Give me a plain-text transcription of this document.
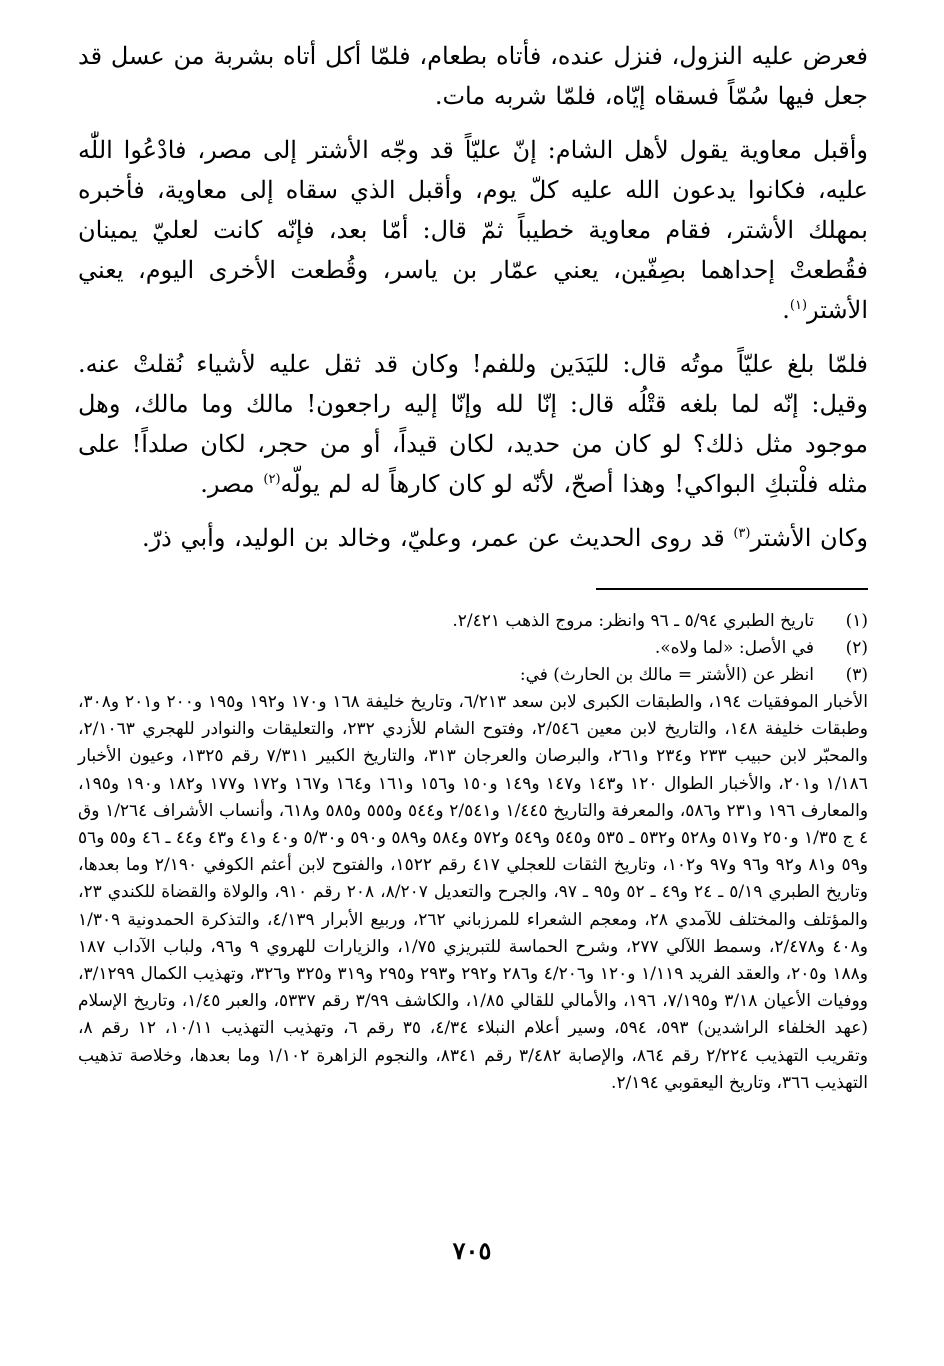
فعرض عليه النزول، فنزل عنده، فأتاه بطعام، فلمّا أكل أتاه بشربة من عسل قد جعل فيها سُمّاً فسقاه إيّاه، فلمّا شربه مات.

وأقبل معاوية يقول لأهل الشام: إنّ عليّاً قد وجّه الأشتر إلى مصر، فادْعُوا اللّٰه عليه، فكانوا يدعون الله عليه كلّ يوم، وأقبل الذي سقاه إلى معاوية، فأخبره بمهلك الأشتر، فقام معاوية خطيباً ثمّ قال: أمّا بعد، فإنّه كانت لعليّ يمينان فقُطعتْ إحداهما بصِفّين، يعني عمّار بن ياسر، وقُطعت الأخرى اليوم، يعني الأشتر$^{(١)}$.

فلمّا بلغ عليّاً موتُه قال: لليَدَين وللفم! وكان قد ثقل عليه لأشياء نُقلتْ عنه. وقيل: إنّه لما بلغه قتْلُه قال: إنّا لله وإنّا إليه راجعون! مالك وما مالك، وهل موجود مثل ذلك؟ لو كان من حديد، لكان قيداً، أو من حجر، لكان صلداً! على مثله فلْتبكِ البواكي! وهذا أصحّ، لأنّه لو كان كارهاً له لم يولّه$^{(٢)}$ مصر.

وكان الأشتر$^{(٣)}$ قد روى الحديث عن عمر، وعليّ، وخالد بن الوليد، وأبي ذرّ.

(١)
تاريخ الطبري ٥/٩٤ ـ ٩٦ وانظر: مروج الذهب ٢/٤٢١.
(٢)
في الأصل: «لما ولاه».
(٣)
انظر عن (الأشتر = مالك بن الحارث) في:

الأخبار الموفقيات ١٩٤، والطبقات الكبرى لابن سعد ٦/٢١٣، وتاريخ خليفة ١٦٨ و١٧٠ و١٩٢ و١٩٥ و٢٠٠ و٢٠١ و٣٠٨، وطبقات خليفة ١٤٨، والتاريخ لابن معين ٢/٥٤٦، وفتوح الشام للأزدي ٢٣٢، والتعليقات والنوادر للهجري ٢/١٠٦٣، والمحبّر لابن حبيب ٢٣٣ و٢٣٤ و٢٦١، والبرصان والعرجان ٣١٣، والتاريخ الكبير ٧/٣١١ رقم ١٣٢٥، وعيون الأخبار ١/١٨٦ و٢٠١، والأخبار الطوال ١٢٠ و١٤٣ و١٤٧ و١٤٩ و١٥٠ و١٥٦ و١٦١ و١٦٤ و١٦٧ و١٧٢ و١٧٧ و١٨٢ و١٩٠ و١٩٥، والمعارف ١٩٦ و٢٣١ و٥٨٦، والمعرفة والتاريخ ١/٤٤٥ و٢/٥٤١ و٥٤٤ و٥٥٥ و٥٨٥ و٦١٨، وأنساب الأشراف ١/٢٦٤ وق ٤ ج ١/٣٥ و٢٥٠ و٥١٧ و٥٢٨ و٥٣٢ ـ ٥٣٥ و٥٤٥ و٥٤٩ و٥٧٢ و٥٨٤ و٥٨٩ و٥٩٠ و٥/٣٠ و٤٠ و٤١ و٤٣ و٤٤ ـ ٤٦ و٥٥ و٥٦ و٥٩ و٨١ و٩٢ و٩٦ و٩٧ و١٠٢، وتاريخ الثقات للعجلي ٤١٧ رقم ١٥٢٢، والفتوح لابن أعثم الكوفي ٢/١٩٠ وما بعدها، وتاريخ الطبري ٥/١٩ ـ ٢٤ و٤٩ ـ ٥٢ و٩٥ ـ ٩٧، والجرح والتعديل ٨/٢٠٧، ٢٠٨ رقم ٩١٠، والولاة والقضاة للكندي ٢٣، والمؤتلف والمختلف للآمدي ٢٨، ومعجم الشعراء للمرزباني ٢٦٢، وربيع الأبرار ٤/١٣٩، والتذكرة الحمدونية ١/٣٠٩ و٤٠٨ و٢/٤٧٨، وسمط اللآلي ٢٧٧، وشرح الحماسة للتبريزي ١/٧٥، والزيارات للهروي ٩ و٩٦، ولباب الآداب ١٨٧ و١٨٨ و٢٠٥، والعقد الفريد ١/١١٩ و١٢٠ و٤/٢٠٦ و٢٨٦ و٢٩٢ و٢٩٣ و٢٩٥ و٣١٩ و٣٢٥ و٣٢٦، وتهذيب الكمال ٣/١٢٩٩، ووفيات الأعيان ٣/١٨ و٧/١٩٥، ١٩٦، والأمالي للقالي ١/٨٥، والكاشف ٣/٩٩ رقم ٥٣٣٧، والعبر ١/٤٥، وتاريخ الإسلام (عهد الخلفاء الراشدين) ٥٩٣، ٥٩٤، وسير أعلام النبلاء ٤/٣٤، ٣٥ رقم ٦، وتهذيب التهذيب ١٠/١١، ١٢ رقم ٨، وتقريب التهذيب ٢/٢٢٤ رقم ٨٦٤، والإصابة ٣/٤٨٢ رقم ٨٣٤١، والنجوم الزاهرة ١/١٠٢ وما بعدها، وخلاصة تذهيب التهذيب ٣٦٦، وتاريخ اليعقوبي ٢/١٩٤.

٧٠٥
